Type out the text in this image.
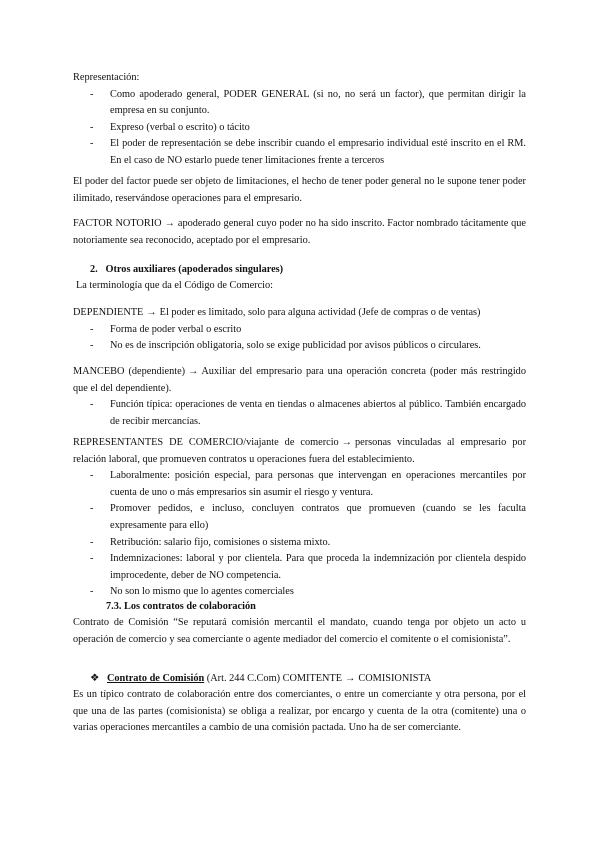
Representación:
- Como apoderado general, PODER GENERAL (si no, no será un factor), que permitan dirigir la empresa en su conjunto.
- Expreso (verbal o escrito) o tácito
- El poder de representación se debe inscribir cuando el empresario individual esté inscrito en el RM. En el caso de NO estarlo puede tener limitaciones frente a terceros

El poder del factor puede ser objeto de limitaciones, el hecho de tener poder general no le supone tener poder ilimitado, reservándose operaciones para el empresario.

FACTOR NOTORIO → apoderado general cuyo poder no ha sido inscrito. Factor nombrado tácitamente que notoriamente sea reconocido, aceptado por el empresario.

2. Otros auxiliares (apoderados singulares)
La terminología que da el Código de Comercio:
DEPENDIENTE → El poder es limitado, solo para alguna actividad (Jefe de compras o de ventas)
- Forma de poder verbal o escrito
- No es de inscripción obligatoria, solo se exige publicidad por avisos públicos o circulares.
MANCEBO (dependiente) → Auxiliar del empresario para una operación concreta (poder más restringido que el del dependiente).
- Función típica: operaciones de venta en tiendas o almacenes abiertos al público. También encargado de recibir mercancías.
REPRESENTANTES DE COMERCIO/viajante de comercio → personas vinculadas al empresario por relación laboral, que promueven contratos u operaciones fuera del establecimiento.
- Laboralmente: posición especial, para personas que intervengan en operaciones mercantiles por cuenta de uno o más empresarios sin asumir el riesgo y ventura.
- Promover pedidos, e incluso, concluyen contratos que promueven (cuando se les faculta expresamente para ello)
- Retribución: salario fijo, comisiones o sistema mixto.
- Indemnizaciones: laboral y por clientela. Para que proceda la indemnización por clientela despido improcedente, deber de NO competencia.
- No son lo mismo que lo agentes comerciales
7.3. Los contratos de colaboración

Contrato de Comisión “Se reputará comisión mercantil el mandato, cuando tenga por objeto un acto u operación de comercio y sea comerciante o agente mediador del comercio el comitente o el comisionista”.

❖ Contrato de Comisión (Art. 244 C.Com) COMITENTE → COMISIONISTA

Es un típico contrato de colaboración entre dos comerciantes, o entre un comerciante y otra persona, por el que una de las partes (comisionista) se obliga a realizar, por encargo y cuenta de la otra (comitente) una o varias operaciones mercantiles a cambio de una comisión pactada. Uno ha de ser comerciante.
